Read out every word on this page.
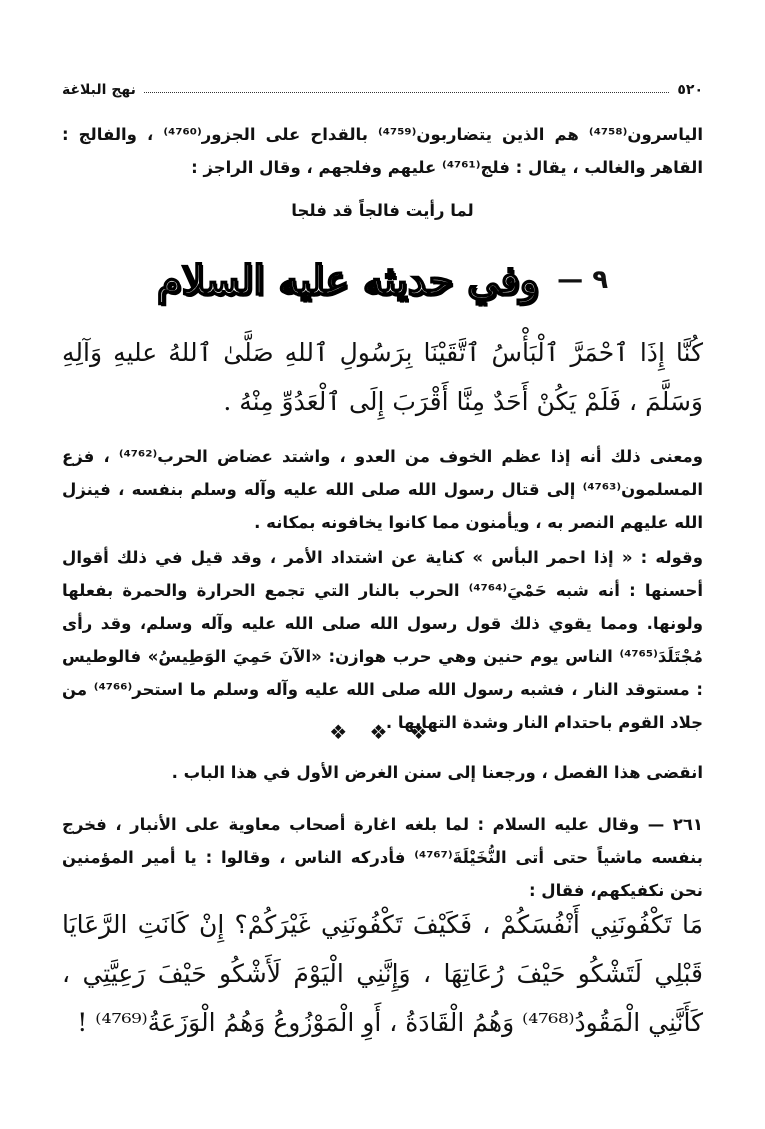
٥٢٠
نهج البلاغة
الياسرون⁽⁴⁷⁵⁸⁾ هم الذين يتضاربون⁽⁴⁷⁵⁹⁾ بالقداح على الجزور⁽⁴⁷⁶⁰⁾ ، والفالج : القاهر والغالب ، يقال : فلج⁽⁴⁷⁶¹⁾ عليهم وفلجهم ، وقال الراجز :
لما رأيت فالجاً قد فلجا
٩ —
وفي حديثه عليه السلام
كُنَّا إِذَا ٱحْمَرَّ ٱلْبَأْسُ ٱتَّقَيْنَا بِرَسُولِ ٱللهِ صَلَّىٰ ٱللهُ عليهِ وَآلِهِ وَسَلَّمَ ، فَلَمْ يَكُنْ أَحَدٌ مِنَّا أَقْرَبَ إِلَى ٱلْعَدُوِّ مِنْهُ .
ومعنى ذلك أنه إذا عظم الخوف من العدو ، واشتد عضاض الحرب⁽⁴⁷⁶²⁾ ، فزع المسلمون⁽⁴⁷⁶³⁾ إلى قتال رسول الله صلى الله عليه وآله وسلم بنفسه ، فينزل الله عليهم النصر به ، ويأمنون مما كانوا يخافونه بمكانه .
وقوله : « إذا احمر البأس » كناية عن اشتداد الأمر ، وقد قيل في ذلك أقوال أحسنها : أنه شبه حَمْيَ⁽⁴⁷⁶⁴⁾ الحرب بالنار التي تجمع الحرارة والحمرة بفعلها ولونها. ومما يقوي ذلك قول رسول الله صلى الله عليه وآله وسلم، وقد رأى مُجْتَلَدَ⁽⁴⁷⁶⁵⁾ الناس يوم حنين وهي حرب هوازن: «الآنَ حَمِيَ الوَطِيسُ» فالوطيس : مستوقد النار ، فشبه رسول الله صلى الله عليه وآله وسلم ما استحر⁽⁴⁷⁶⁶⁾ من جلاد القوم باحتدام النار وشدة التهابها .
❖ ❖ ❖
انقضى هذا الفصل ، ورجعنا إلى سنن الغرض الأول في هذا الباب .
٢٦١ — وقال عليه السلام : لما بلغه اغارة أصحاب معاوية على الأنبار ، فخرج بنفسه ماشياً حتى أتى النُّخَيْلَةَ⁽⁴⁷⁶⁷⁾ فأدركه الناس ، وقالوا : يا أمير المؤمنين نحن نكفيكهم، فقال :
مَا تَكْفُونَنِي أَنْفُسَكُمْ ، فَكَيْفَ تَكْفُونَنِي غَيْرَكُمْ؟ إِنْ كَانَتِ الرَّعَايَا قَبْلِي لَتَشْكُو حَيْفَ رُعَاتِهَا ، وَإِنَّنِي الْيَوْمَ لَأَشْكُو حَيْفَ رَعِيَّتِي ، كَأَنَّنِي الْمَقُودُ⁽⁴⁷⁶⁸⁾ وَهُمُ الْقَادَةُ ، أَوِ الْمَوْزُوعُ وَهُمُ الْوَزَعَةُ⁽⁴⁷⁶⁹⁾ !
